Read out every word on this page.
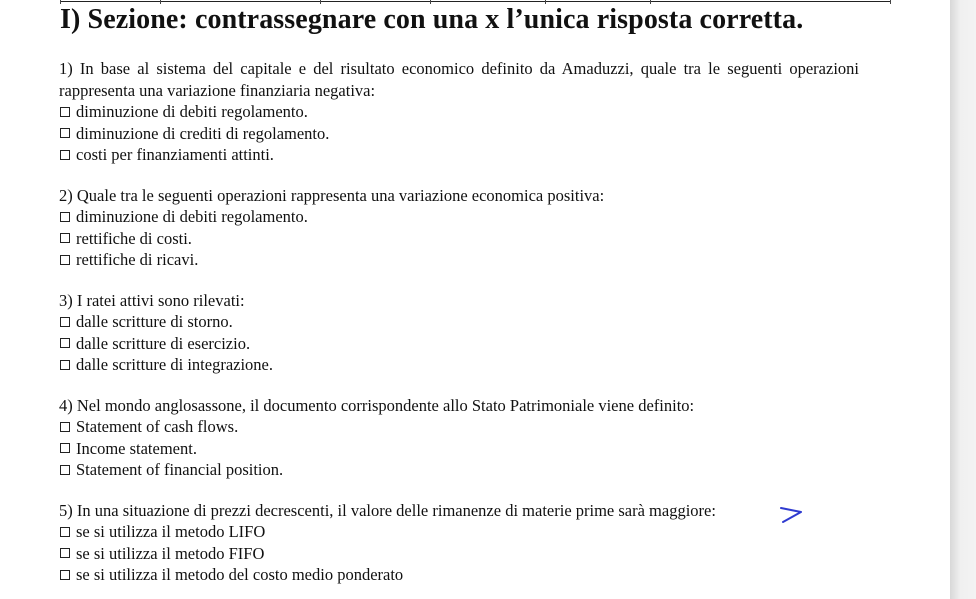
I) Sezione: contrassegnare con una x l’unica risposta corretta.
1) In base al sistema del capitale e del risultato economico definito da Amaduzzi, quale tra le seguenti operazioni rappresenta una variazione finanziaria negativa:
diminuzione di debiti regolamento.
diminuzione di crediti di regolamento.
costi per finanziamenti attinti.
2) Quale tra le seguenti operazioni rappresenta una variazione economica positiva:
diminuzione di debiti regolamento.
rettifiche di costi.
rettifiche di ricavi.
3) I ratei attivi sono rilevati:
dalle scritture di storno.
dalle scritture di esercizio.
dalle scritture di integrazione.
4) Nel mondo anglosassone, il documento corrispondente allo Stato Patrimoniale viene definito:
Statement of cash flows.
Income statement.
Statement of financial position.
5) In una situazione di prezzi decrescenti, il valore delle rimanenze di materie prime sarà maggiore:
se si utilizza il metodo LIFO
se si utilizza il metodo FIFO
se si utilizza il metodo del costo medio ponderato
